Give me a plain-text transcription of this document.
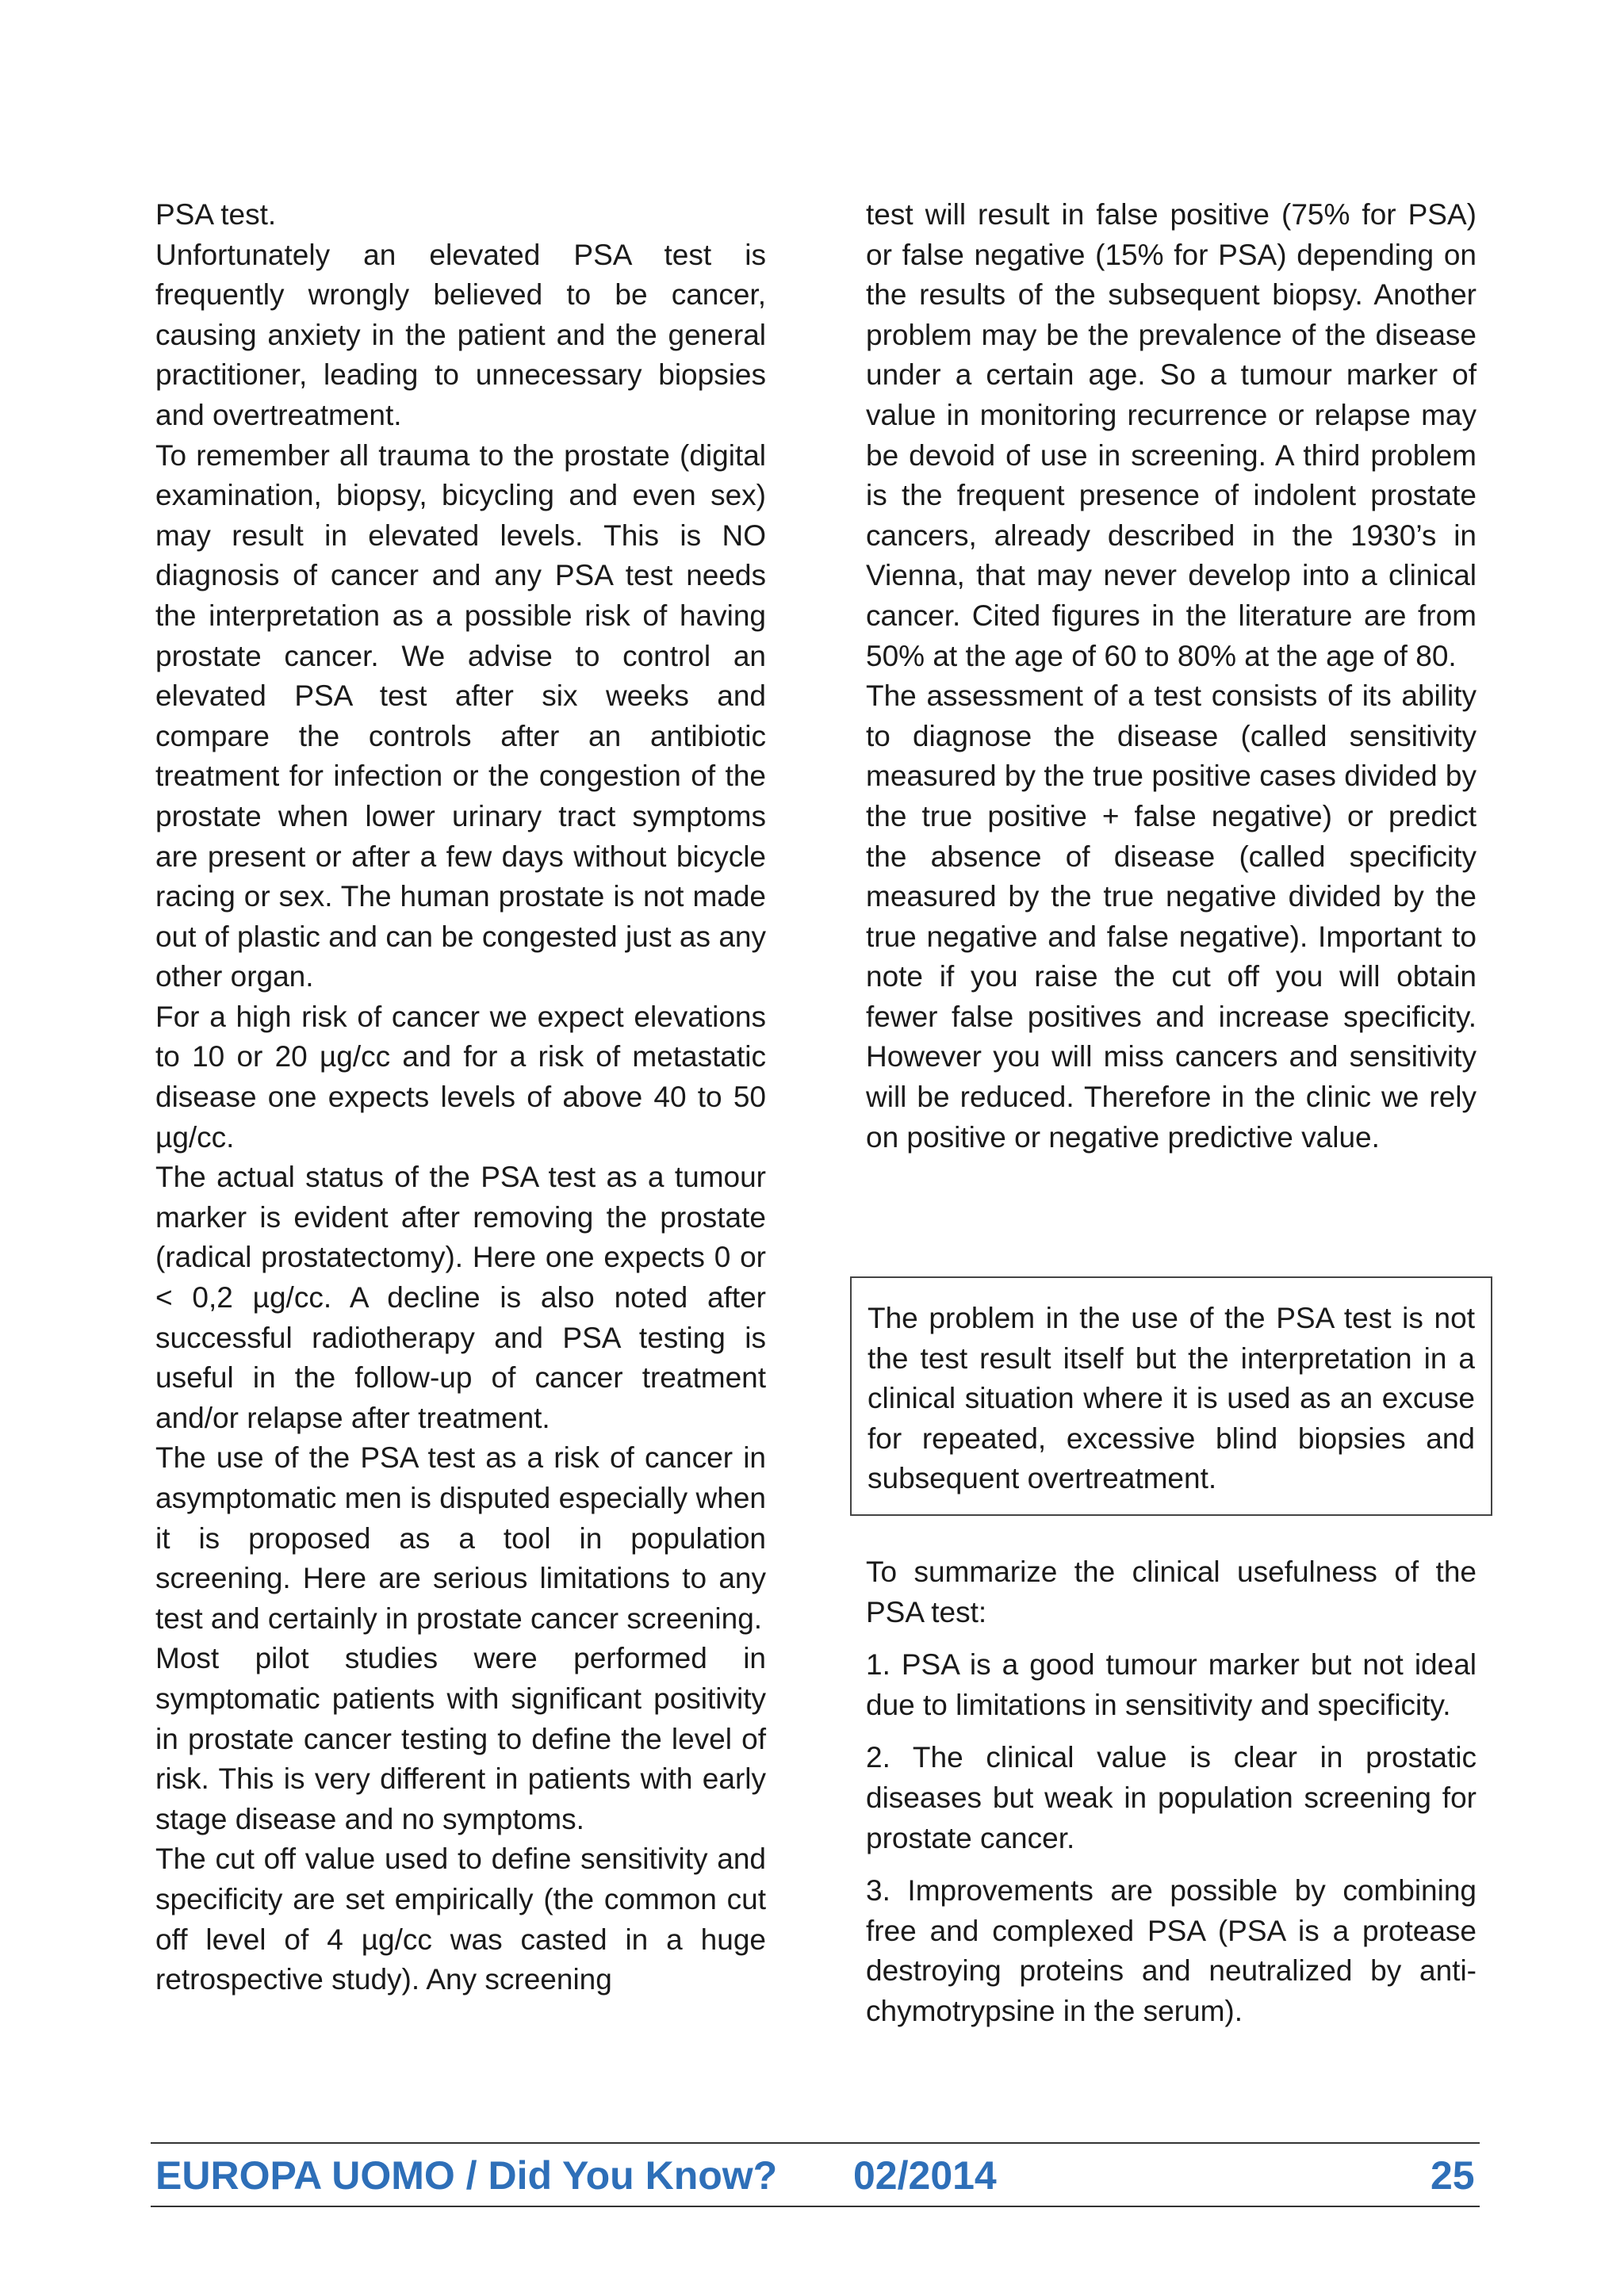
PSA test.

Unfortunately an elevated PSA test is frequently wrongly believed to be cancer, causing anxiety in the patient and the general practitioner, leading to unnecessary biopsies and overtreatment.

To remember all trauma to the prostate (digital examination, biopsy, bicycling and even sex) may result in elevated levels. This is NO diagnosis of cancer and any PSA test needs the interpretation as a possible risk of having prostate cancer. We advise to control an elevated PSA test after six weeks and compare the controls after an antibiotic treatment for infection or the congestion of the prostate when lower urinary tract symptoms are present or after a few days without bicycle racing or sex. The human prostate is not made out of plastic and can be congested just as any other organ.

For a high risk of cancer we expect elevations to 10 or 20 µg/cc and for a risk of metastatic disease one expects levels of above 40 to 50 µg/cc.

The actual status of the PSA test as a tumour marker is evident after removing the prostate (radical prostatectomy). Here one expects 0 or < 0,2 µg/cc. A decline is also noted after successful radiotherapy and PSA testing is useful in the follow-up of cancer treatment and/or relapse after treatment.

The use of the PSA test as a risk of cancer in asymptomatic men is disputed especially when it is proposed as a tool in population screening. Here are serious limitations to any test and certainly in prostate cancer screening.

Most pilot studies were performed in symptomatic patients with significant positivity in prostate cancer testing to define the level of risk. This is very different in patients with early stage disease and no symptoms.

The cut off value used to define sensitivity and specificity are set empirically (the common cut off level of 4 µg/cc was casted in a huge retrospective study). Any screening

test will result in false positive (75% for PSA) or false negative (15% for PSA) depending on the results of the subsequent biopsy. Another problem may be the prevalence of the disease under a certain age. So a tumour marker of value in monitoring recurrence or relapse may be devoid of use in screening. A third problem is the frequent presence of indolent prostate cancers, already described in the 1930’s in Vienna, that may never develop into a clinical cancer. Cited figures in the literature are from 50% at the age of 60 to 80% at the age of 80.

The assessment of a test consists of its ability to diagnose the disease (called sensitivity measured by the true positive cases divided by the true positive + false negative) or predict the absence of disease (called specificity measured by the true negative divided by the true negative and false negative). Important to note if you raise the cut off you will obtain fewer false positives and increase specificity. However you will miss cancers and sensitivity will be reduced. Therefore in the clinic we rely on positive or negative predictive value.

The problem in the use of the PSA test is not the test result itself but the interpretation in a clinical situation where it is used as an excuse for repeated, excessive blind biopsies and subsequent overtreatment.

To summarize the clinical usefulness of the PSA test:

1. PSA is a good tumour marker but not ideal due to limitations in sensitivity and specificity.

2. The clinical value is clear in prostatic diseases but weak in population screening for prostate cancer.

3. Improvements are possible by combining free and complexed PSA (PSA is a protease destroying proteins and neutralized by anti-chymotrypsine in the serum).

EUROPA UOMO / Did You Know? 02/2014	25
